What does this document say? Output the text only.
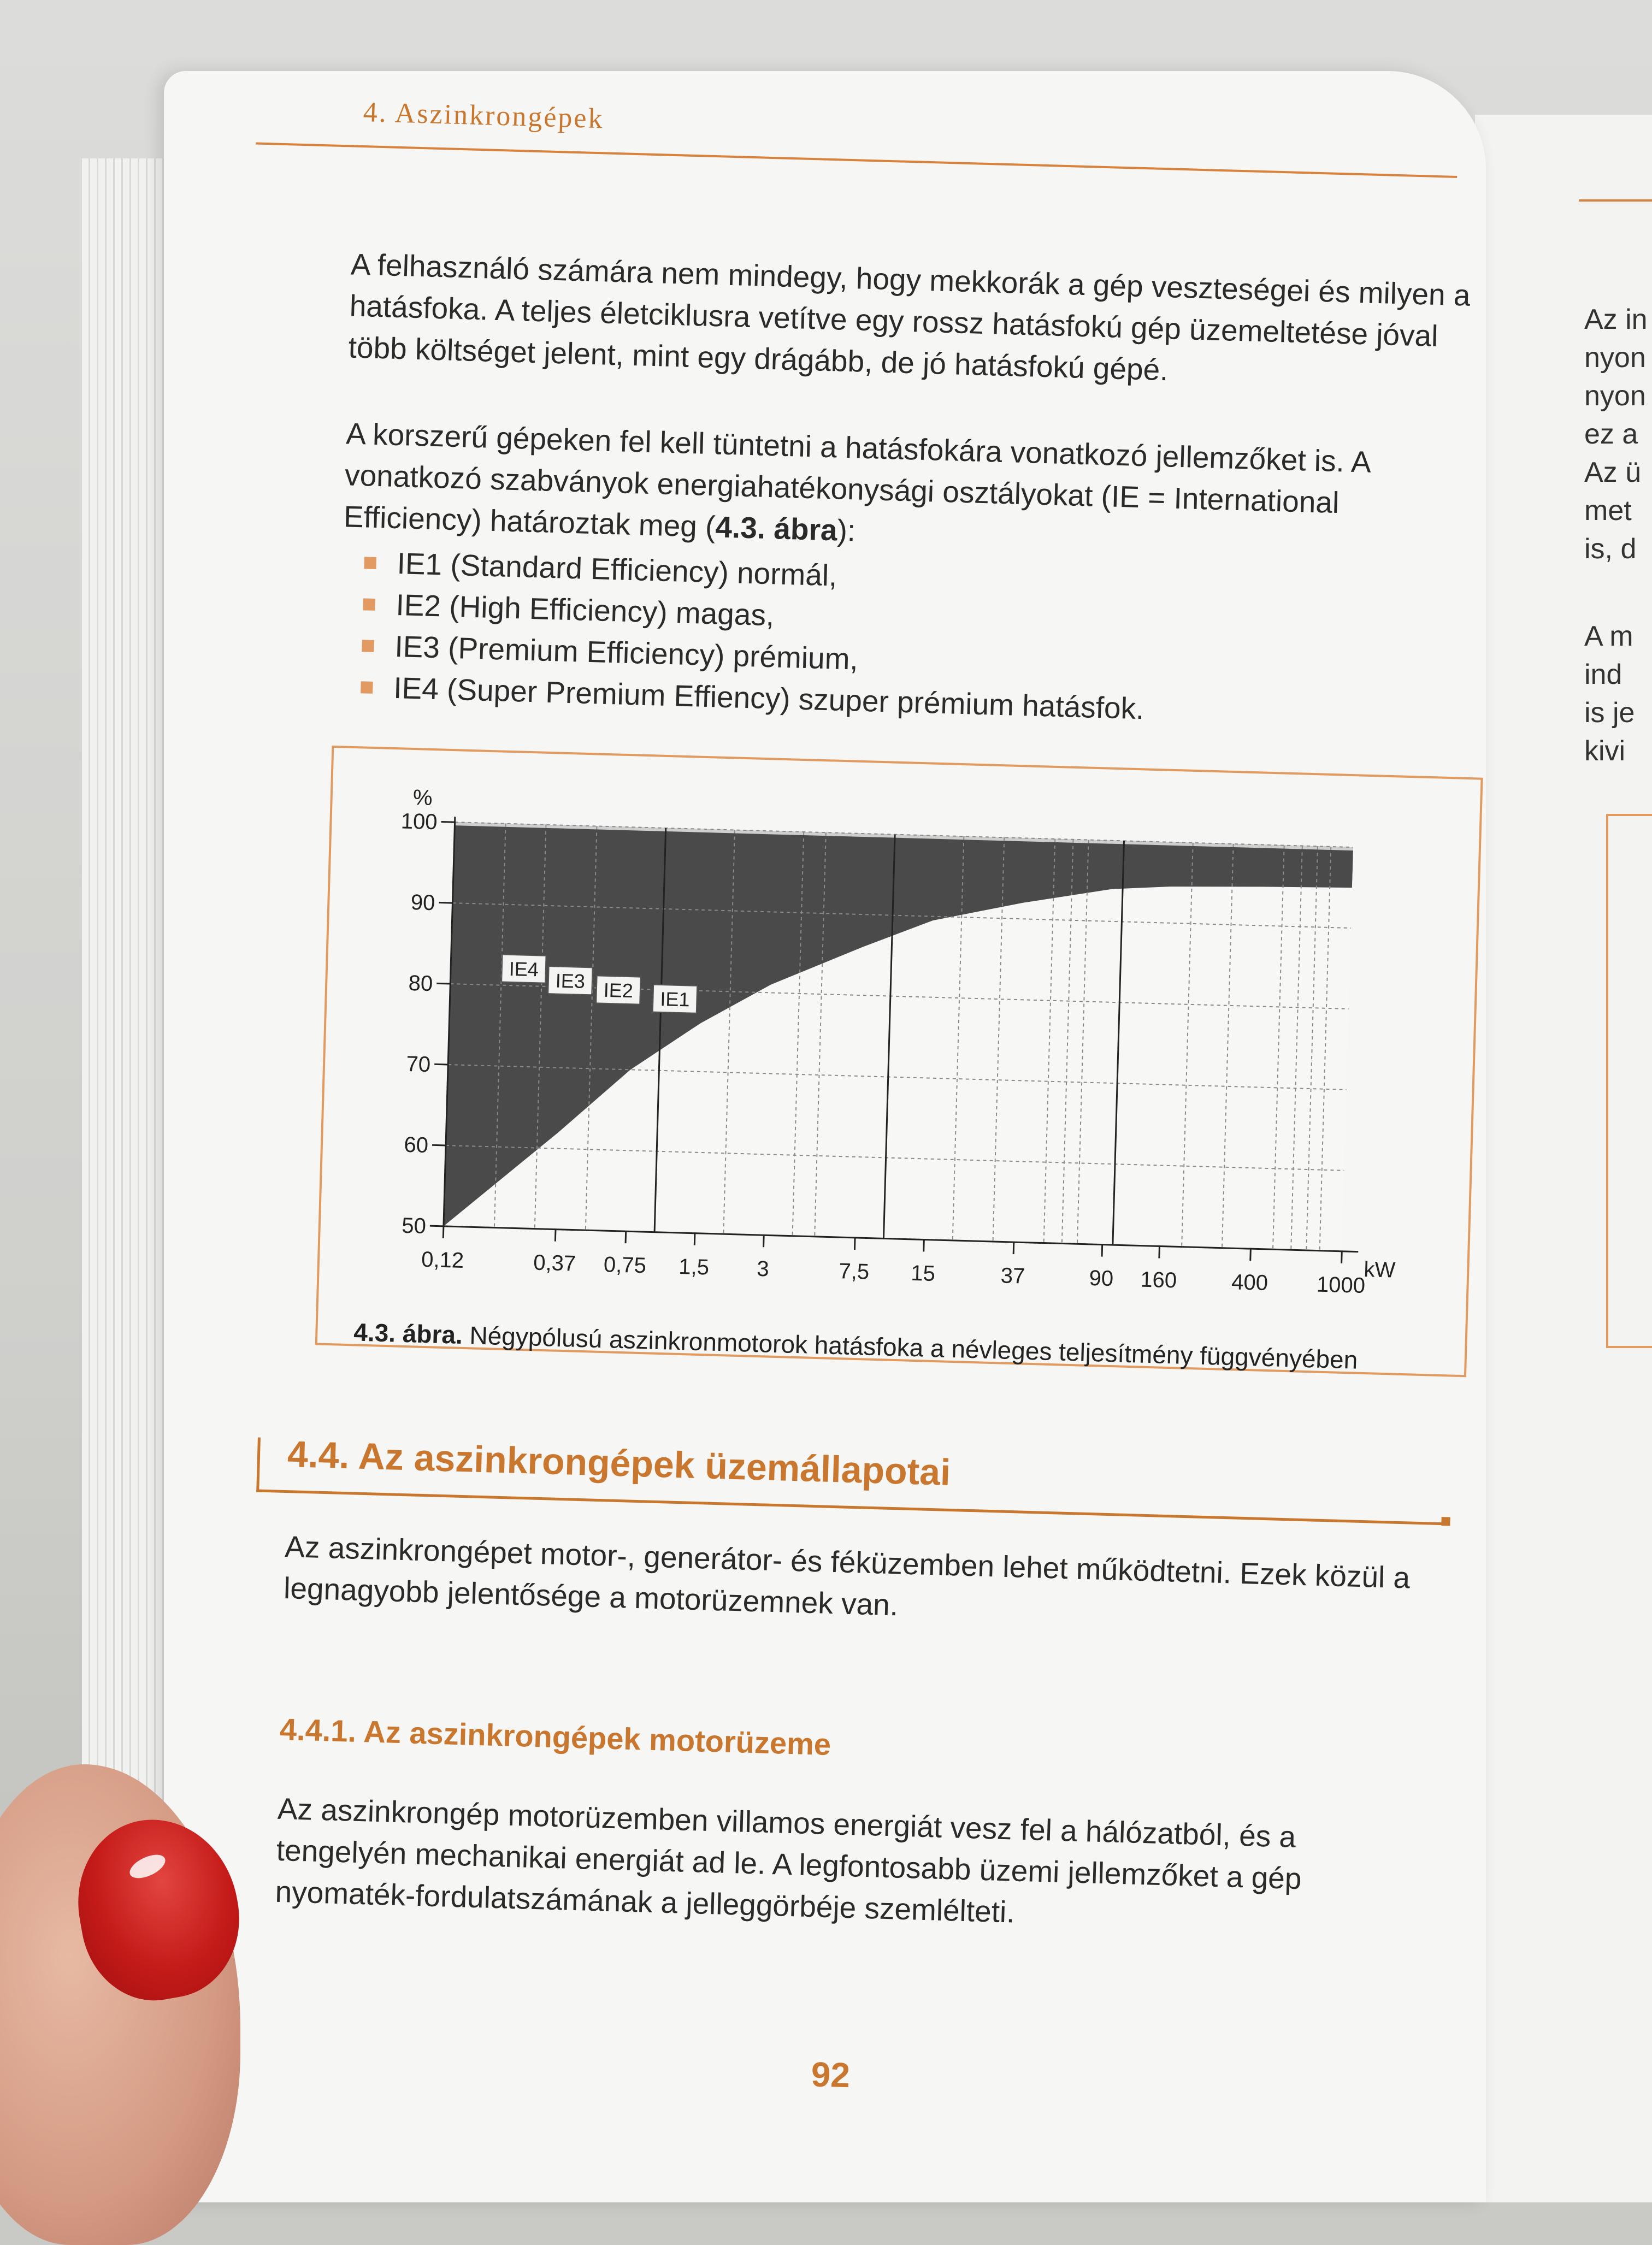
Az in
nyon
nyon
ez a
Az ü
met
is, d
A m
ind
is je
kivi
4. Aszinkrongépek
A felhasználó számára nem mindegy, hogy mekkorák a gép veszteségei és milyen a hatásfoka. A teljes életciklusra vetítve egy rossz hatásfokú gép üzemeltetése jóval több költséget jelent, mint egy drágább, de jó hatásfokú gépé.
A korszerű gépeken fel kell tüntetni a hatásfokára vonatkozó jellemzőket is. A vonatkozó szabványok energiahatékonysági osztályokat (IE = International Efficiency) határoztak meg (4.3. ábra):
IE1 (Standard Efficiency) normál,
IE2 (High Efficiency) magas,
IE3 (Premium Efficiency) prémium,
IE4 (Super Premium Effiency) szuper prémium hatásfok.
50
60
70
80
90
100
%
0,12	0,37 0,75 1,5 3	7,5 15	37	90 160 400 1000
kW
IE4
IE3 IE2 IE1
4.3. ábra. Négypólusú aszinkronmotorok hatásfoka a névleges teljesítmény függvényében
4.4. Az aszinkrongépek üzemállapotai
Az aszinkrongépet motor-, generátor- és féküzemben lehet működtetni. Ezek közül a legnagyobb jelentősége a motorüzemnek van.
4.4.1. Az aszinkrongépek motorüzeme
Az aszinkrongép motorüzemben villamos energiát vesz fel a hálózatból, és a tengelyén mechanikai energiát ad le. A legfontosabb üzemi jellemzőket a gép nyomaték-fordulatszámának a jelleggörbéje szemlélteti.
92
